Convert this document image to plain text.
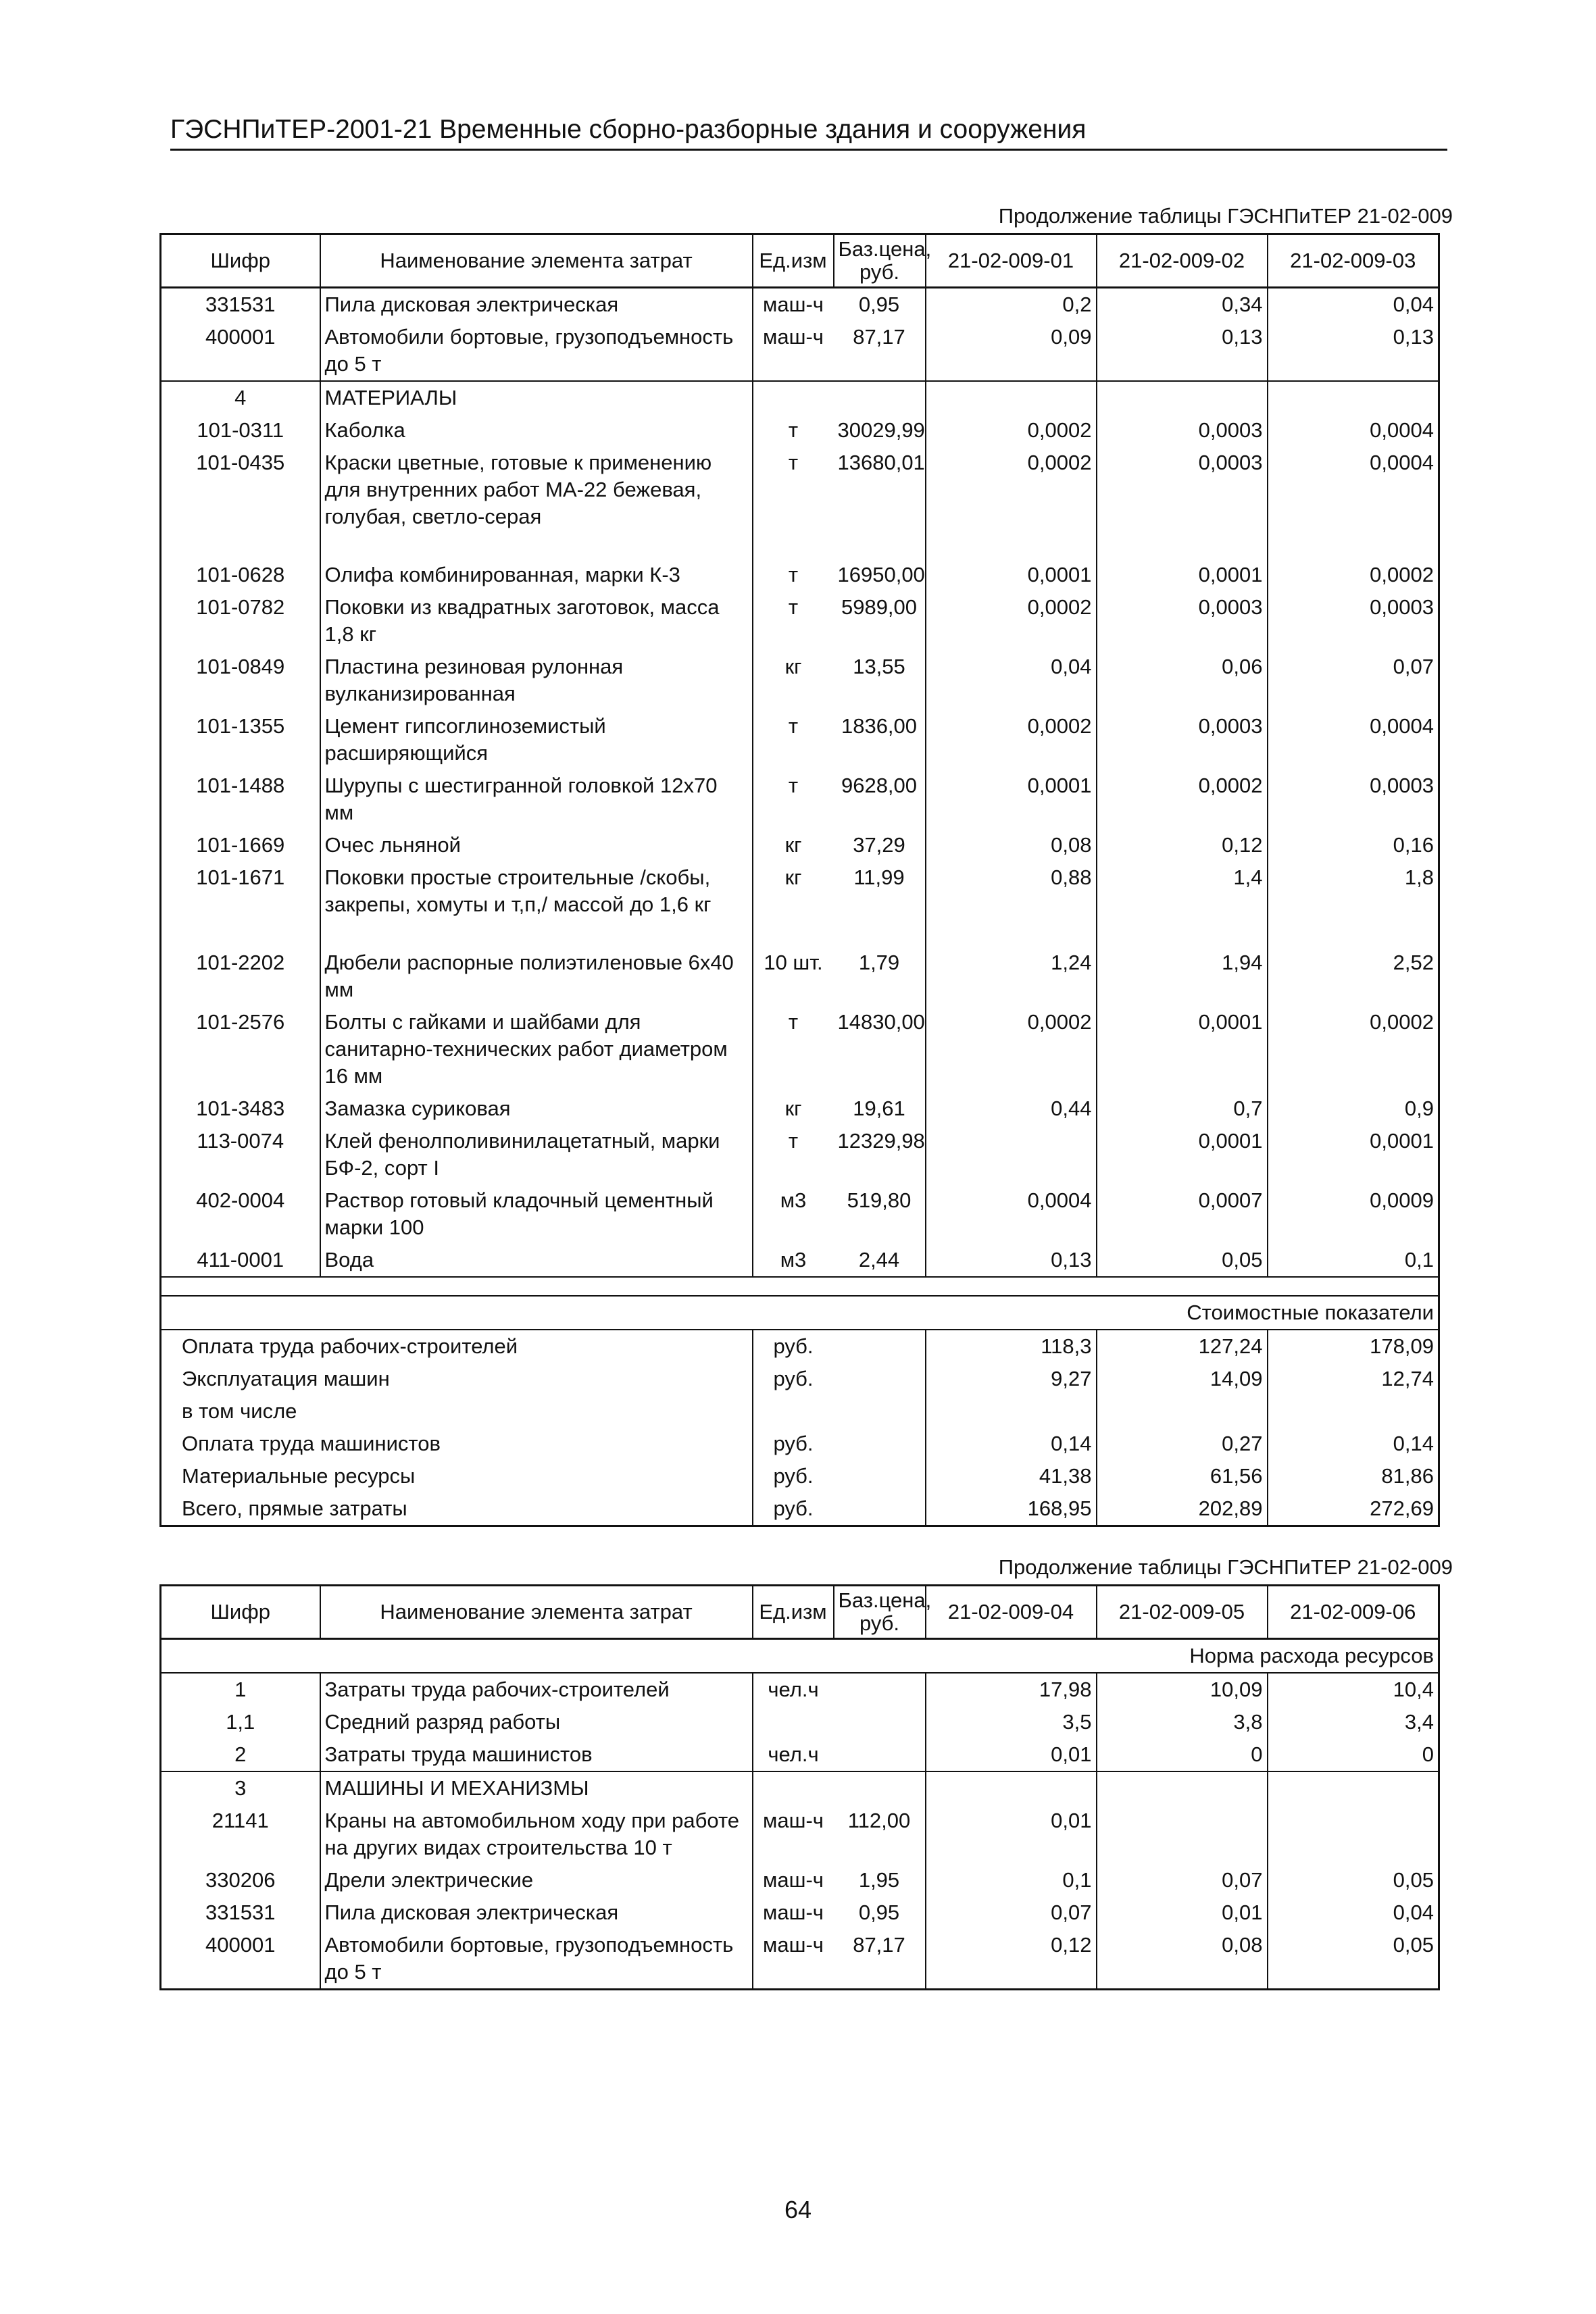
ГЭСНПиТЕР-2001-21 Временные сборно-разборные здания и сооружения
Продолжение таблицы ГЭСНПиТЕР 21-02-009
Шифр	Наименование элемента затрат	Ед.изм	Баз.цена, руб.	21-02-009-01	21-02-009-02	21-02-009-03
331531	Пила дисковая электрическая	маш-ч	0,95	0,2	0,34	0,04
400001	Автомобили бортовые, грузоподъемность до 5 т	маш-ч	87,17	0,09	0,13	0,13
4	МАТЕРИАЛЫ					
101-0311	Каболка	т	30029,99	0,0002	0,0003	0,0004
101-0435	Краски цветные, готовые к применению для внутренних работ МА-22 бежевая, голубая, светло-серая	т	13680,01	0,0002	0,0003	0,0004

101-0628	Олифа комбинированная, марки К-3	т	16950,00	0,0001	0,0001	0,0002
101-0782	Поковки из квадратных заготовок, масса 1,8 кг	т	5989,00	0,0002	0,0003	0,0003
101-0849	Пластина резиновая рулонная вулканизированная	кг	13,55	0,04	0,06	0,07
101-1355	Цемент гипсоглиноземистый расширяющийся	т	1836,00	0,0002	0,0003	0,0004
101-1488	Шурупы с шестигранной головкой 12х70 мм	т	9628,00	0,0001	0,0002	0,0003
101-1669	Очес льняной	кг	37,29	0,08	0,12	0,16
101-1671	Поковки простые строительные /скобы, закрепы, хомуты и т,п,/ массой до 1,6 кг	кг	11,99	0,88	1,4	1,8

101-2202	Дюбели распорные полиэтиленовые 6х40 мм	10 шт.	1,79	1,24	1,94	2,52
101-2576	Болты с гайками и шайбами для санитарно-технических работ диаметром 16 мм	т	14830,00	0,0002	0,0001	0,0002
101-3483	Замазка суриковая	кг	19,61	0,44	0,7	0,9
113-0074	Клей фенолполивинилацетатный, марки БФ-2, сорт I	т	12329,98		0,0001	0,0001
402-0004	Раствор готовый кладочный цементный марки 100	м3	519,80	0,0004	0,0007	0,0009
411-0001	Вода	м3	2,44	0,13	0,05	0,1

Стоимостные показатели						
Оплата труда рабочих-строителей		руб.		118,3	127,24	178,09
Эксплуатация машин		руб.		9,27	14,09	12,74
в том числе						
Оплата труда машинистов		руб.		0,14	0,27	0,14
Материальные ресурсы		руб.		41,38	61,56	81,86
Всего, прямые затраты		руб.		168,95	202,89	272,69
Продолжение таблицы ГЭСНПиТЕР 21-02-009
Шифр	Наименование элемента затрат	Ед.изм	Баз.цена, руб.	21-02-009-04	21-02-009-05	21-02-009-06
Норма расхода ресурсов						
1	Затраты труда рабочих-строителей	чел.ч		17,98	10,09	10,4
1,1	Средний разряд работы			3,5	3,8	3,4
2	Затраты труда машинистов	чел.ч		0,01	0	0
3	МАШИНЫ И МЕХАНИЗМЫ					
21141	Краны на автомобильном ходу при работе на других видах строительства 10 т	маш-ч	112,00	0,01		
330206	Дрели электрические	маш-ч	1,95	0,1	0,07	0,05
331531	Пила дисковая электрическая	маш-ч	0,95	0,07	0,01	0,04
400001	Автомобили бортовые, грузоподъемность до 5 т	маш-ч	87,17	0,12	0,08	0,05
64
